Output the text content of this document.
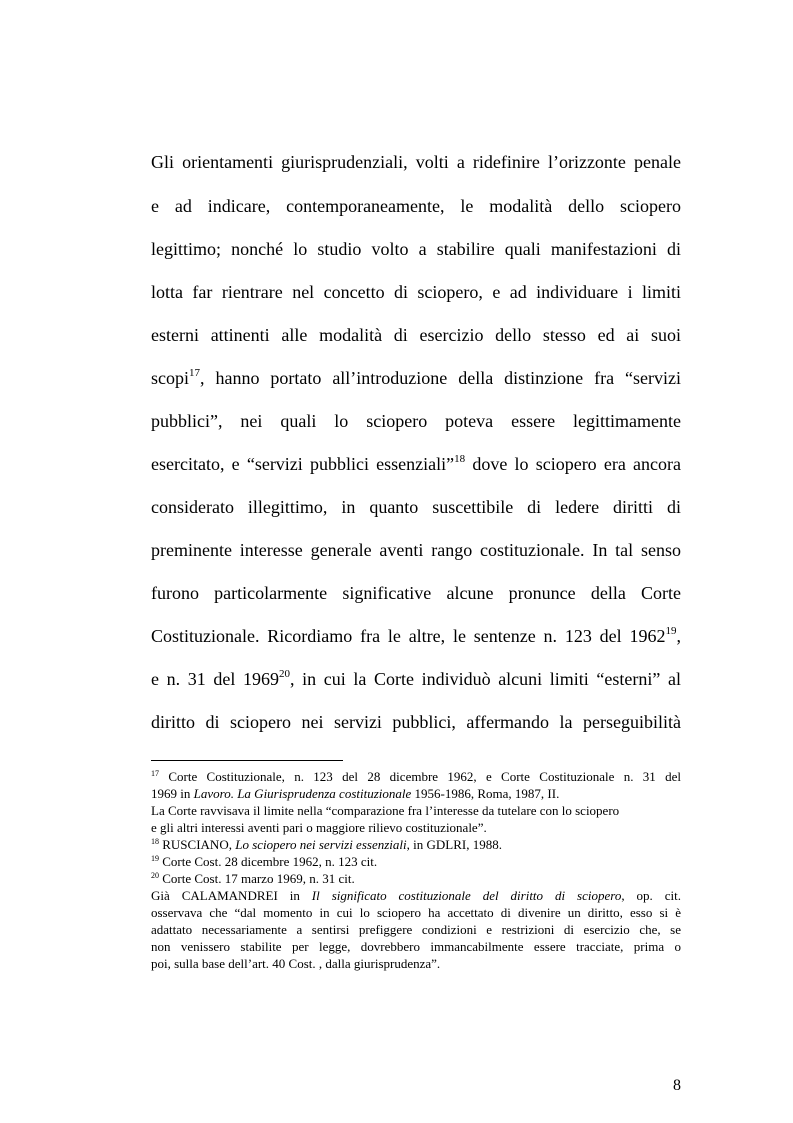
Gli orientamenti giurisprudenziali, volti a ridefinire l’orizzonte penale
e ad indicare, contemporaneamente, le modalità dello sciopero
legittimo; nonché lo studio volto a stabilire quali manifestazioni di
lotta far rientrare nel concetto di sciopero, e ad individuare i limiti
esterni attinenti alle modalità di esercizio dello stesso ed ai suoi
scopi$^{17}$, hanno portato all’introduzione della distinzione fra “servizi
pubblici”, nei quali lo sciopero poteva essere legittimamente
esercitato, e “servizi pubblici essenziali”$^{18}$ dove lo sciopero era ancora
considerato illegittimo, in quanto suscettibile di ledere diritti di
preminente interesse generale aventi rango costituzionale. In tal senso
furono particolarmente significative alcune pronunce della Corte
Costituzionale. Ricordiamo fra le altre, le sentenze n. 123 del 1962$^{19}$,
e n. 31 del 1969$^{20}$, in cui la Corte individuò alcuni limiti “esterni” al
diritto di sciopero nei servizi pubblici, affermando la perseguibilità
$^{17}$ Corte Costituzionale, n. 123 del 28 dicembre 1962, e Corte Costituzionale n. 31 del
1969 in Lavoro. La Giurisprudenza costituzionale 1956-1986, Roma, 1987, II.
La Corte ravvisava il limite nella “comparazione fra l’interesse da tutelare con lo sciopero
e gli altri interessi aventi pari o maggiore rilievo costituzionale”.
$^{18}$ RUSCIANO, Lo sciopero nei servizi essenziali, in GDLRI, 1988.
$^{19}$ Corte Cost. 28 dicembre 1962, n. 123 cit.
$^{20}$ Corte Cost. 17 marzo 1969, n. 31 cit.
Già CALAMANDREI in Il significato costituzionale del diritto di sciopero, op. cit.
osservava che “dal momento in cui lo sciopero ha accettato di divenire un diritto, esso si è
adattato necessariamente a sentirsi prefiggere condizioni e restrizioni di esercizio che, se
non venissero stabilite per legge, dovrebbero immancabilmente essere tracciate, prima o
poi, sulla base dell’art. 40 Cost. , dalla giurisprudenza”.
8
